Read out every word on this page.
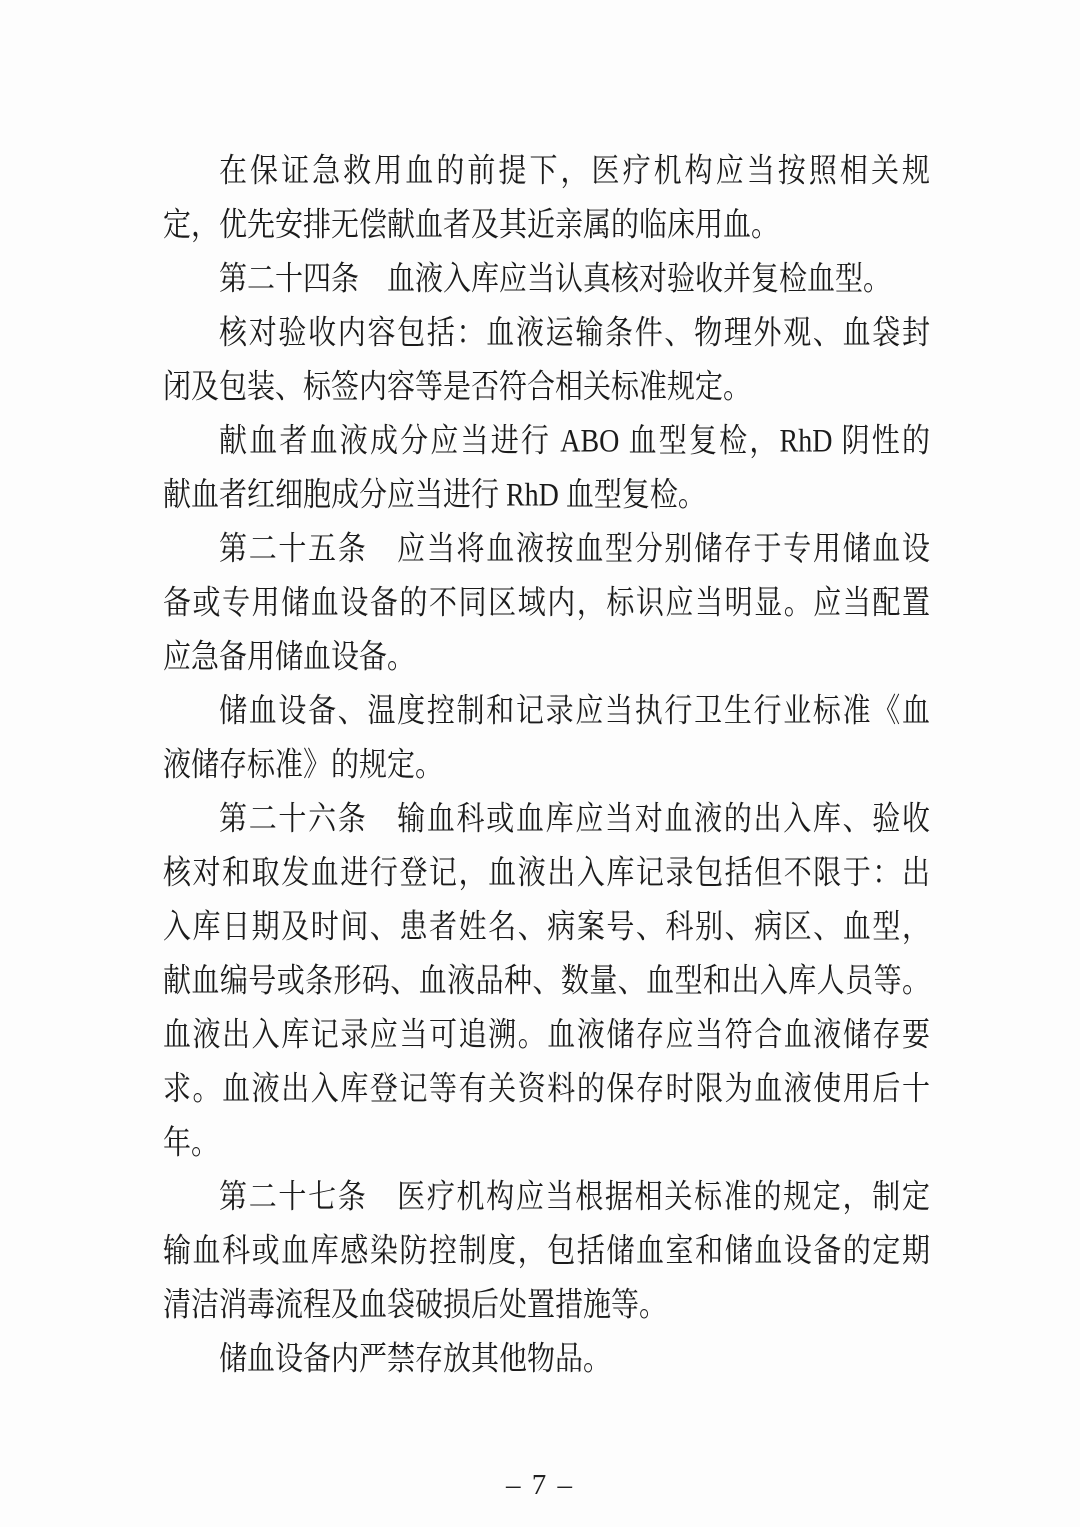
在保证急救用血的前提下，医疗机构应当按照相关规
定，优先安排无偿献血者及其近亲属的临床用血。
第二十四条　血液入库应当认真核对验收并复检血型。
核对验收内容包括：血液运输条件、物理外观、血袋封
闭及包装、标签内容等是否符合相关标准规定。
献血者血液成分应当进行 ABO 血型复检，RhD 阴性的
献血者红细胞成分应当进行 RhD 血型复检。
第二十五条　应当将血液按血型分别储存于专用储血设
备或专用储血设备的不同区域内，标识应当明显。应当配置
应急备用储血设备。
储血设备、温度控制和记录应当执行卫生行业标准《血
液储存标准》的规定。
第二十六条　输血科或血库应当对血液的出入库、验收
核对和取发血进行登记，血液出入库记录包括但不限于：出
入库日期及时间、患者姓名、病案号、科别、病区、血型，
献血编号或条形码、血液品种、数量、血型和出入库人员等。
血液出入库记录应当可追溯。血液储存应当符合血液储存要
求。血液出入库登记等有关资料的保存时限为血液使用后十
年。
第二十七条　医疗机构应当根据相关标准的规定，制定
输血科或血库感染防控制度，包括储血室和储血设备的定期
清洁消毒流程及血袋破损后处置措施等。
储血设备内严禁存放其他物品。
– 7 –
